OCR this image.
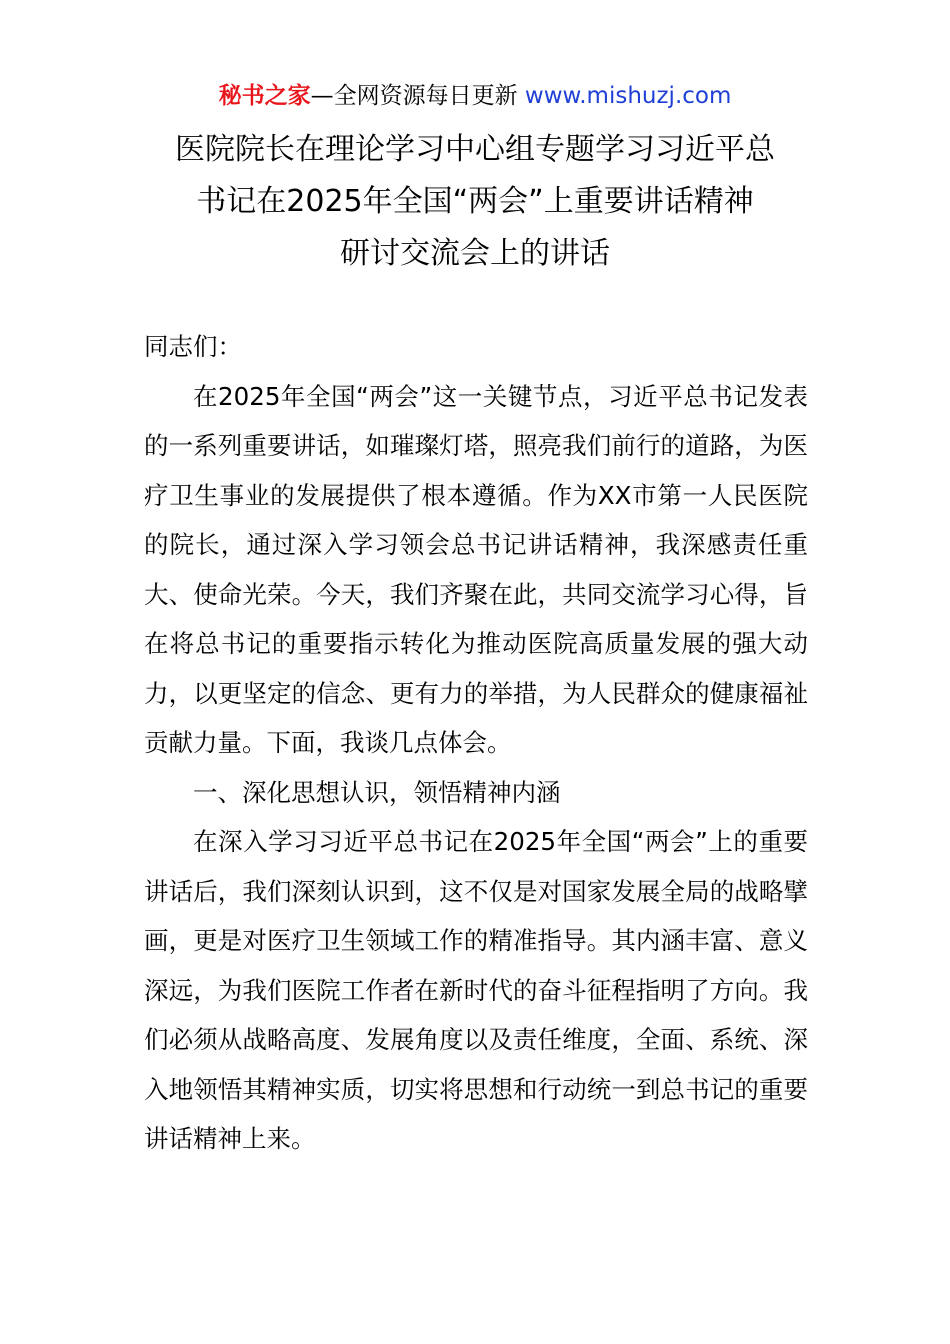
秘书之家—全网资源每日更新 www.mishuzj.com
医院院长在理论学习中心组专题学习习近平总
书记在2025年全国“两会”上重要讲话精神
研讨交流会上的讲话

同志们：

在2025年全国“两会”这一关键节点，习近平总书记发表的一系列重要讲话，如璀璨灯塔，照亮我们前行的道路，为医疗卫生事业的发展提供了根本遵循。作为XX市第一人民医院的院长，通过深入学习领会总书记讲话精神，我深感责任重大、使命光荣。今天，我们齐聚在此，共同交流学习心得，旨在将总书记的重要指示转化为推动医院高质量发展的强大动力，以更坚定的信念、更有力的举措，为人民群众的健康福祉贡献力量。下面，我谈几点体会。

一、深化思想认识，领悟精神内涵

在深入学习习近平总书记在2025年全国“两会”上的重要讲话后，我们深刻认识到，这不仅是对国家发展全局的战略擘画，更是对医疗卫生领域工作的精准指导。其内涵丰富、意义深远，为我们医院工作者在新时代的奋斗征程指明了方向。我们必须从战略高度、发展角度以及责任维度，全面、系统、深入地领悟其精神实质，切实将思想和行动统一到总书记的重要讲话精神上来。
